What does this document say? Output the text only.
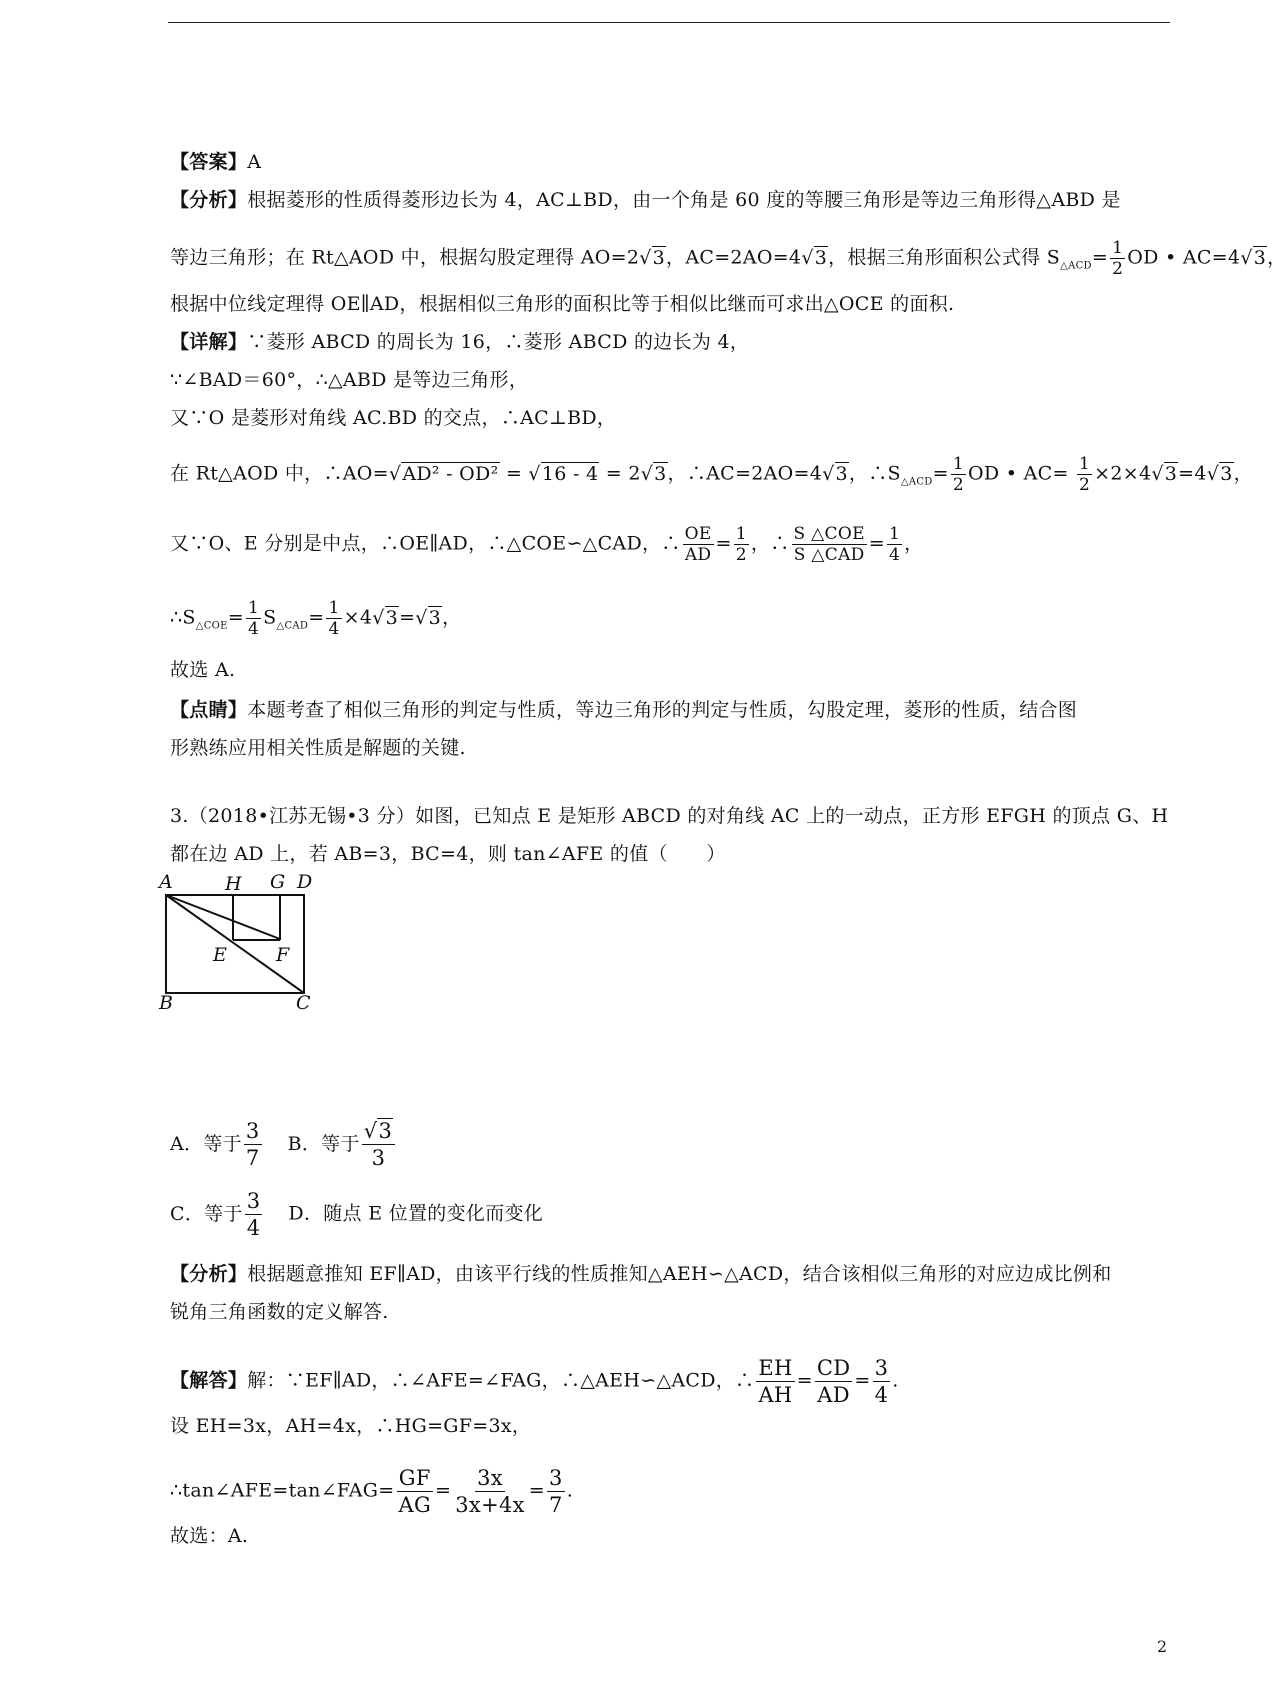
【答案】A
【分析】根据菱形的性质得菱形边长为 4，AC⊥BD，由一个角是 60 度的等腰三角形是等边三角形得△ABD 是
等边三角形；在 Rt△AOD 中，根据勾股定理得 AO=2√3，AC=2AO=4√3，根据三角形面积公式得 $S_{\triangle ACD}= \frac{1}{2}$ OD • AC=4√3，
根据中位线定理得 OE∥AD，根据相似三角形的面积比等于相似比继而可求出△OCE 的面积.
【详解】∵菱形 ABCD 的周长为 16，∴菱形 ABCD 的边长为 4，
∵∠BAD＝60°，∴△ABD 是等边三角形，
又∵O 是菱形对角线 AC.BD 的交点，∴AC⊥BD，
在 Rt△AOD 中，∴AO=√AD² - OD² = √16 - 4 = 2√3，∴AC=2AO=4√3，$\therefore S_{\triangle ACD}= \frac{1}{2}$ OD • $AC= \frac{1}{2} \times 2\times 4√3=4√3$，
又∵O、E 分别是中点，∴OE∥AD，∴△COE∽△CAD，∴ $\frac{OE}{AD} = \frac{1}{2}$ ，∴ $\frac{\text{S △COE}}{\text{S △CAD}} = \frac{1}{4}$ ，
$\therefore S_{\triangle COE}= \frac{1}{4} S_{\triangle CAD}= \frac{1}{4} \times 4√3=√3$，
故选 A.
【点睛】本题考查了相似三角形的判定与性质，等边三角形的判定与性质，勾股定理，菱形的性质，结合图
形熟练应用相关性质是解题的关键.
3.（2018•江苏无锡•3 分）如图，已知点 E 是矩形 ABCD 的对角线 AC 上的一动点，正方形 EFGH 的顶点 G、H
都在边 AD 上，若 AB=3，BC=4，则 tan∠AFE 的值（　　）
A	H G D
E	F
B	C
A．等于 $\frac{3}{7}$ B．等于 $\frac{√3}{3}$
C．等于 $\frac{3}{4}$ D．随点 E 位置的变化而变化
【分析】根据题意推知 EF∥AD，由该平行线的性质推知△AEH∽△ACD，结合该相似三角形的对应边成比例和
锐角三角函数的定义解答.
【解答】解：∵EF∥AD，∴∠AFE=∠FAG，∴△AEH∽△ACD，∴ $\frac{EH}{AH} = \frac{CD}{AD} = \frac{3}{4}$ .
设 EH=3x，AH=4x，∴HG=GF=3x，
∴tan∠AFE=tan∠FAG= $\frac{GF}{AG} = \frac{3x}{3x+4x} = \frac{3}{7}$ .
故选：A.
2
